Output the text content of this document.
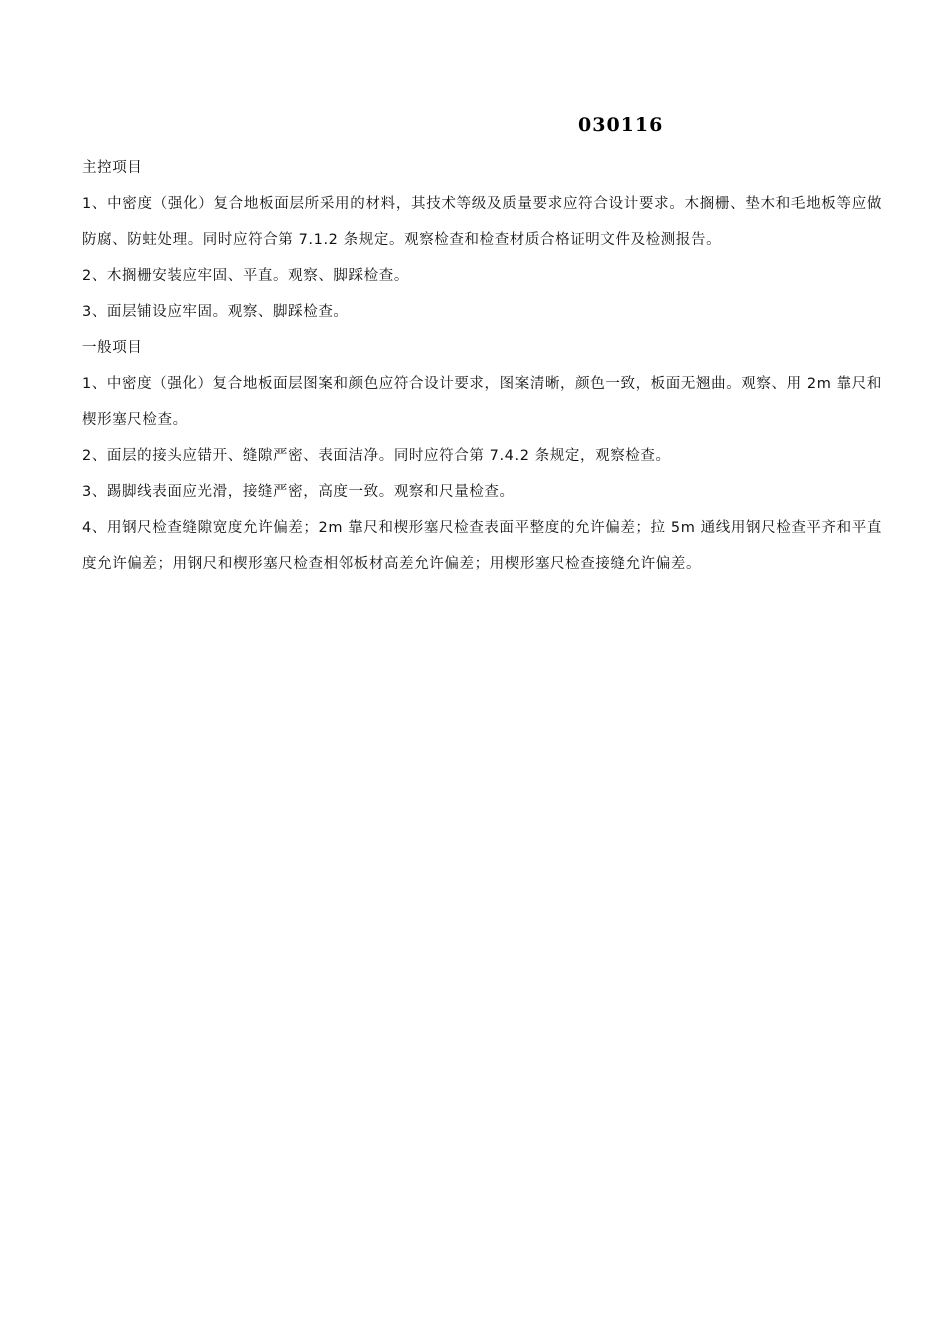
030116

主控项目

1、中密度（强化）复合地板面层所采用的材料，其技术等级及质量要求应符合设计要求。木搁栅、垫木和毛地板等应做防腐、防蛀处理。同时应符合第 7.1.2 条规定。观察检查和检查材质合格证明文件及检测报告。

2、木搁栅安装应牢固、平直。观察、脚踩检查。

3、面层铺设应牢固。观察、脚踩检查。

一般项目

1、中密度（强化）复合地板面层图案和颜色应符合设计要求，图案清晰，颜色一致，板面无翘曲。观察、用 2m 靠尺和楔形塞尺检查。

2、面层的接头应错开、缝隙严密、表面洁净。同时应符合第 7.4.2 条规定，观察检查。

3、踢脚线表面应光滑，接缝严密，高度一致。观察和尺量检查。

4、用钢尺检查缝隙宽度允许偏差；2m 靠尺和楔形塞尺检查表面平整度的允许偏差；拉 5m 通线用钢尺检查平齐和平直度允许偏差；用钢尺和楔形塞尺检查相邻板材高差允许偏差；用楔形塞尺检查接缝允许偏差。
